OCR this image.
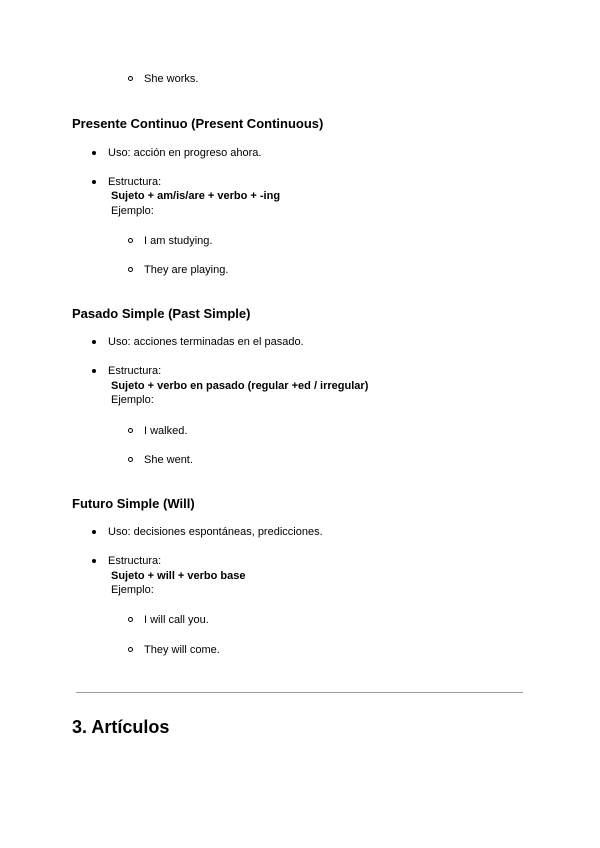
She works.
Presente Continuo (Present Continuous)
Uso: acción en progreso ahora.
Estructura:
Sujeto + am/is/are + verbo + -ing
Ejemplo:
I am studying.
They are playing.
Pasado Simple (Past Simple)
Uso: acciones terminadas en el pasado.
Estructura:
Sujeto + verbo en pasado (regular +ed / irregular)
Ejemplo:
I walked.
She went.
Futuro Simple (Will)
Uso: decisiones espontáneas, predicciones.
Estructura:
Sujeto + will + verbo base
Ejemplo:
I will call you.
They will come.
3. Artículos
